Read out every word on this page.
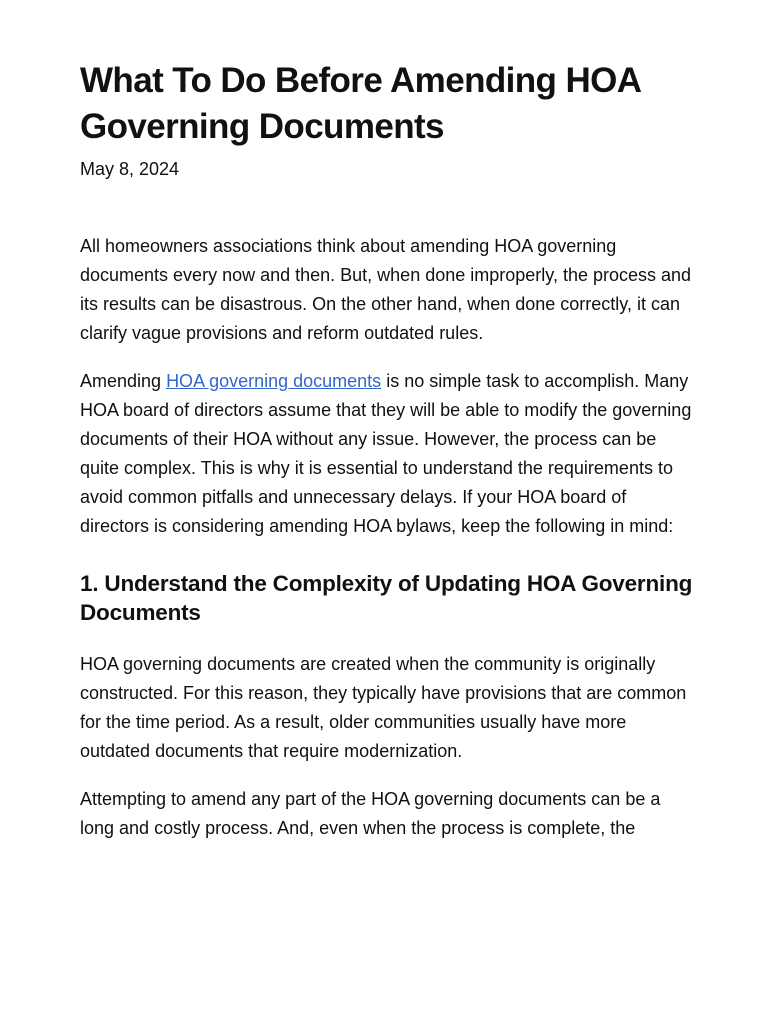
What To Do Before Amending HOA Governing Documents
May 8, 2024

All homeowners associations think about amending HOA governing documents every now and then. But, when done improperly, the process and its results can be disastrous. On the other hand, when done correctly, it can clarify vague provisions and reform outdated rules.

Amending HOA governing documents is no simple task to accomplish. Many HOA board of directors assume that they will be able to modify the governing documents of their HOA without any issue. However, the process can be quite complex. This is why it is essential to understand the requirements to avoid common pitfalls and unnecessary delays. If your HOA board of directors is considering amending HOA bylaws, keep the following in mind:

1. Understand the Complexity of Updating HOA Governing Documents

HOA governing documents are created when the community is originally constructed. For this reason, they typically have provisions that are common for the time period. As a result, older communities usually have more outdated documents that require modernization.

Attempting to amend any part of the HOA governing documents can be a long and costly process. And, even when the process is complete, the
